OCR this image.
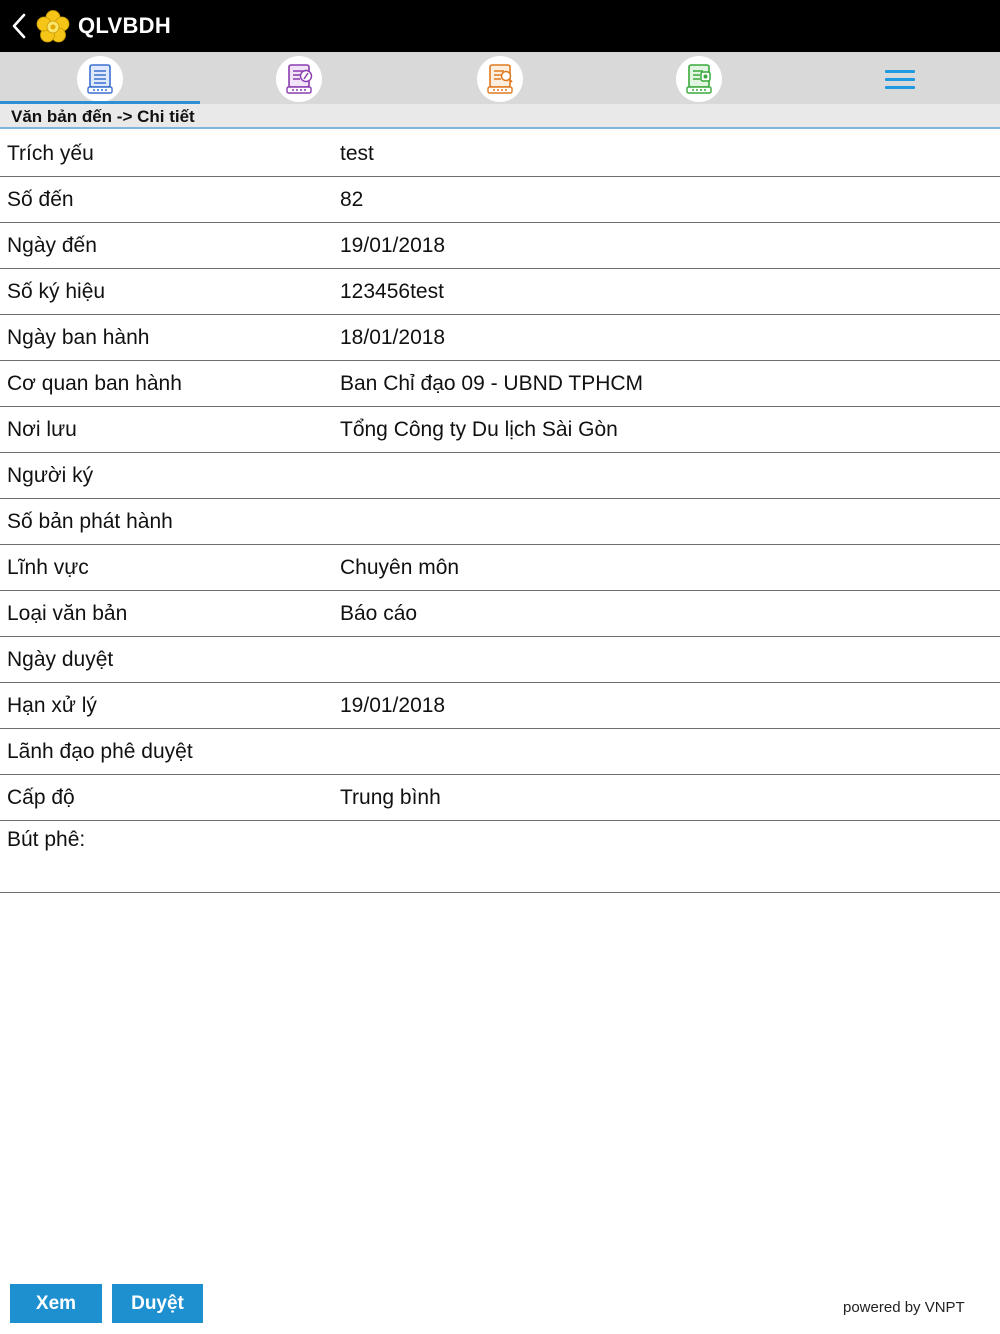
QLVBDH
Văn bản đến -> Chi tiết
Trích yếu	test
Số đến	82
Ngày đến	19/01/2018
Số ký hiệu	123456test
Ngày ban hành	18/01/2018
Cơ quan ban hành	Ban Chỉ đạo 09 - UBND TPHCM
Nơi lưu	Tổng Công ty Du lịch Sài Gòn
Người ký
Số bản phát hành
Lĩnh vực	Chuyên môn
Loại văn bản	Báo cáo
Ngày duyệt
Hạn xử lý	19/01/2018
Lãnh đạo phê duyệt
Cấp độ	Trung bình
Bút phê:
Xem	Duyệt	powered by VNPT
